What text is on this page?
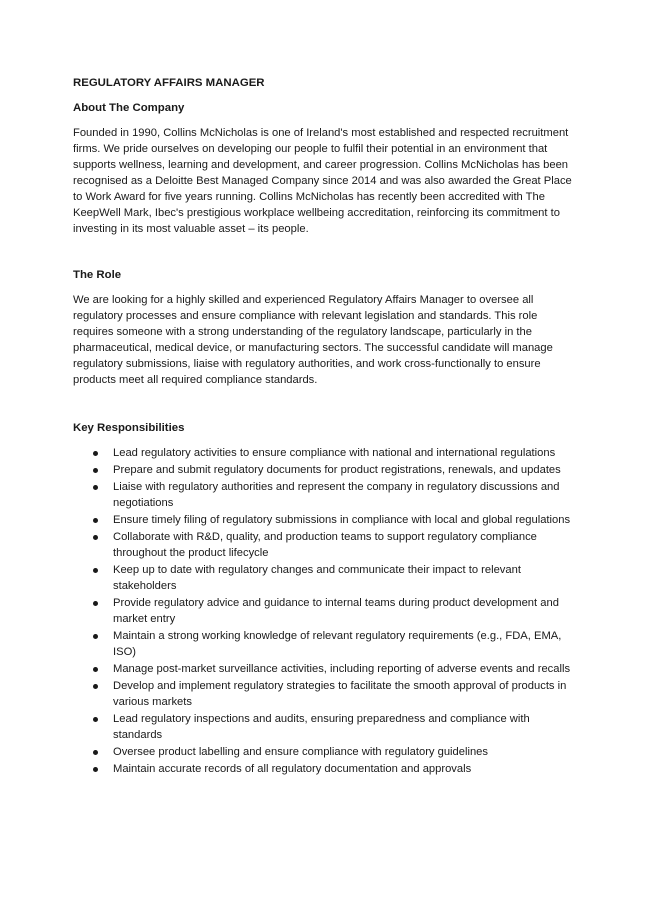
REGULATORY AFFAIRS MANAGER

About The Company

Founded in 1990, Collins McNicholas is one of Ireland's most established and respected recruitment firms. We pride ourselves on developing our people to fulfil their potential in an environment that supports wellness, learning and development, and career progression. Collins McNicholas has been recognised as a Deloitte Best Managed Company since 2014 and was also awarded the Great Place to Work Award for five years running. Collins McNicholas has recently been accredited with The KeepWell Mark, Ibec's prestigious workplace wellbeing accreditation, reinforcing its commitment to investing in its most valuable asset – its people.

The Role

We are looking for a highly skilled and experienced Regulatory Affairs Manager to oversee all regulatory processes and ensure compliance with relevant legislation and standards. This role requires someone with a strong understanding of the regulatory landscape, particularly in the pharmaceutical, medical device, or manufacturing sectors. The successful candidate will manage regulatory submissions, liaise with regulatory authorities, and work cross-functionally to ensure products meet all required compliance standards.

Key Responsibilities

Lead regulatory activities to ensure compliance with national and international regulations
Prepare and submit regulatory documents for product registrations, renewals, and updates
Liaise with regulatory authorities and represent the company in regulatory discussions and negotiations
Ensure timely filing of regulatory submissions in compliance with local and global regulations
Collaborate with R&D, quality, and production teams to support regulatory compliance throughout the product lifecycle
Keep up to date with regulatory changes and communicate their impact to relevant stakeholders
Provide regulatory advice and guidance to internal teams during product development and market entry
Maintain a strong working knowledge of relevant regulatory requirements (e.g., FDA, EMA, ISO)
Manage post-market surveillance activities, including reporting of adverse events and recalls
Develop and implement regulatory strategies to facilitate the smooth approval of products in various markets
Lead regulatory inspections and audits, ensuring preparedness and compliance with standards
Oversee product labelling and ensure compliance with regulatory guidelines
Maintain accurate records of all regulatory documentation and approvals
